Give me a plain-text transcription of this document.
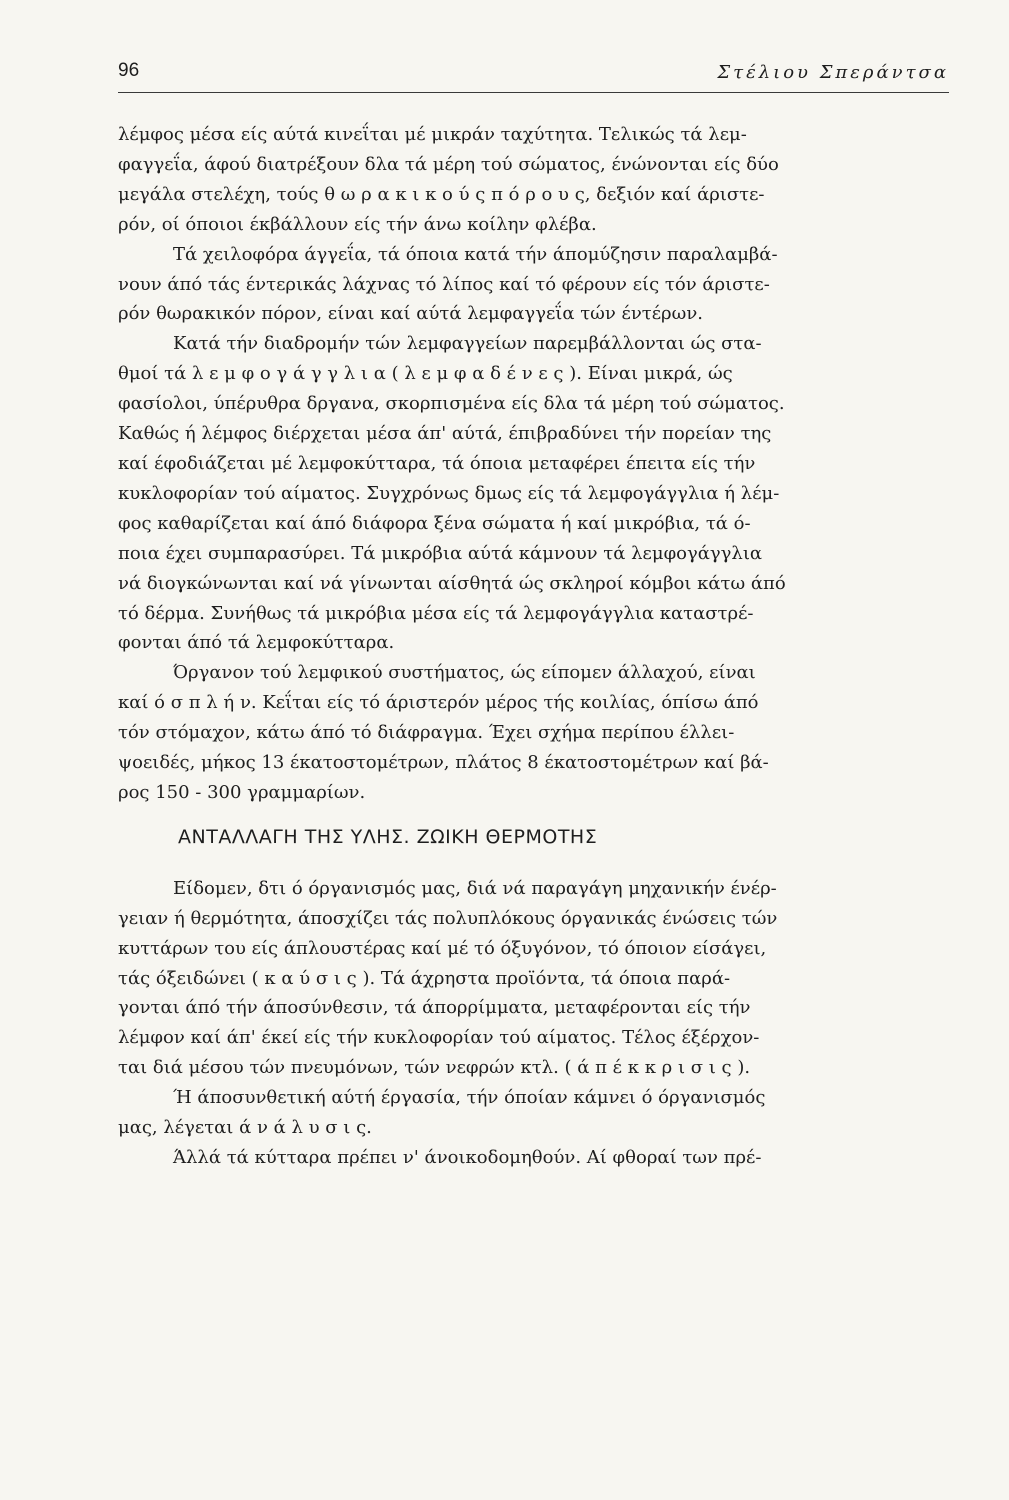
96	Στέλιου Σπεράντσα

λέμφος μέσα είς αύτά κινεΐται μέ μικράν ταχύτητα. Τελικώς τά λεμ-
φαγγεΐα, άφού διατρέξουν δλα τά μέρη τού σώματος, ένώνονται είς δύο
μεγάλα στελέχη, τούς θ ω ρ α κ ι κ ο ύ ς π ό ρ ο υ ς, δεξιόν καί άριστε-
ρόν, οί όποιοι έκβάλλουν είς τήν άνω κοίλην φλέβα.

Τά χειλοφόρα άγγεΐα, τά όποια κατά τήν άπομύζησιν παραλαμβά-
νουν άπό τάς έντερικάς λάχνας τό λίπος καί τό φέρουν είς τόν άριστε-
ρόν θωρακικόν πόρον, είναι καί αύτά λεμφαγγεΐα τών έντέρων.

Κατά τήν διαδρομήν τών λεμφαγγείων παρεμβάλλονται ώς στα-
θμοί τά λ ε μ φ ο γ ά γ γ λ ι α ( λ ε μ φ α δ έ ν ε ς ). Είναι μικρά, ώς
φασίολοι, ύπέρυθρα δργανα, σκορπισμένα είς δλα τά μέρη τού σώματος.
Καθώς ή λέμφος διέρχεται μέσα άπ' αύτά, έπιβραδύνει τήν πορείαν της
καί έφοδιάζεται μέ λεμφοκύτταρα, τά όποια μεταφέρει έπειτα είς τήν
κυκλοφορίαν τού αίματος. Συγχρόνως δμως είς τά λεμφογάγγλια ή λέμ-
φος καθαρίζεται καί άπό διάφορα ξένα σώματα ή καί μικρόβια, τά ό-
ποια έχει συμπαρασύρει. Τά μικρόβια αύτά κάμνουν τά λεμφογάγγλια
νά διογκώνωνται καί νά γίνωνται αίσθητά ώς σκληροί κόμβοι κάτω άπό
τό δέρμα. Συνήθως τά μικρόβια μέσα είς τά λεμφογάγγλια καταστρέ-
φονται άπό τά λεμφοκύτταρα.

Όργανον τού λεμφικού συστήματος, ώς είπομεν άλλαχού, είναι
καί ό σ π λ ή ν. Κεΐται είς τό άριστερόν μέρος τής κοιλίας, όπίσω άπό
τόν στόμαχον, κάτω άπό τό διάφραγμα. Έχει σχήμα περίπου έλλει-
ψοειδές, μήκος 13 έκατοστομέτρων, πλάτος 8 έκατοστομέτρων καί βά-
ρος 150 - 300 γραμμαρίων.

ΑΝΤΑΛΛΑΓΗ ΤΗΣ ΥΛΗΣ. ΖΩΙΚΗ ΘΕΡΜΟΤΗΣ

Είδομεν, δτι ό όργανισμός μας, διά νά παραγάγη μηχανικήν ένέρ-
γειαν ή θερμότητα, άποσχίζει τάς πολυπλόκους όργανικάς ένώσεις τών
κυττάρων του είς άπλουστέρας καί μέ τό όξυγόνον, τό όποιον είσάγει,
τάς όξειδώνει ( κ α ύ σ ι ς ). Τά άχρηστα προϊόντα, τά όποια παρά-
γονται άπό τήν άποσύνθεσιν, τά άπορρίμματα, μεταφέρονται είς τήν
λέμφον καί άπ' έκεί είς τήν κυκλοφορίαν τού αίματος. Τέλος έξέρχον-
ται διά μέσου τών πνευμόνων, τών νεφρών κτλ. ( ά π έ κ κ ρ ι σ ι ς ).

Ή άποσυνθετική αύτή έργασία, τήν όποίαν κάμνει ό όργανισμός
μας, λέγεται ά ν ά λ υ σ ι ς.

Άλλά τά κύτταρα πρέπει ν' άνοικοδομηθούν. Αί φθοραί των πρέ-
